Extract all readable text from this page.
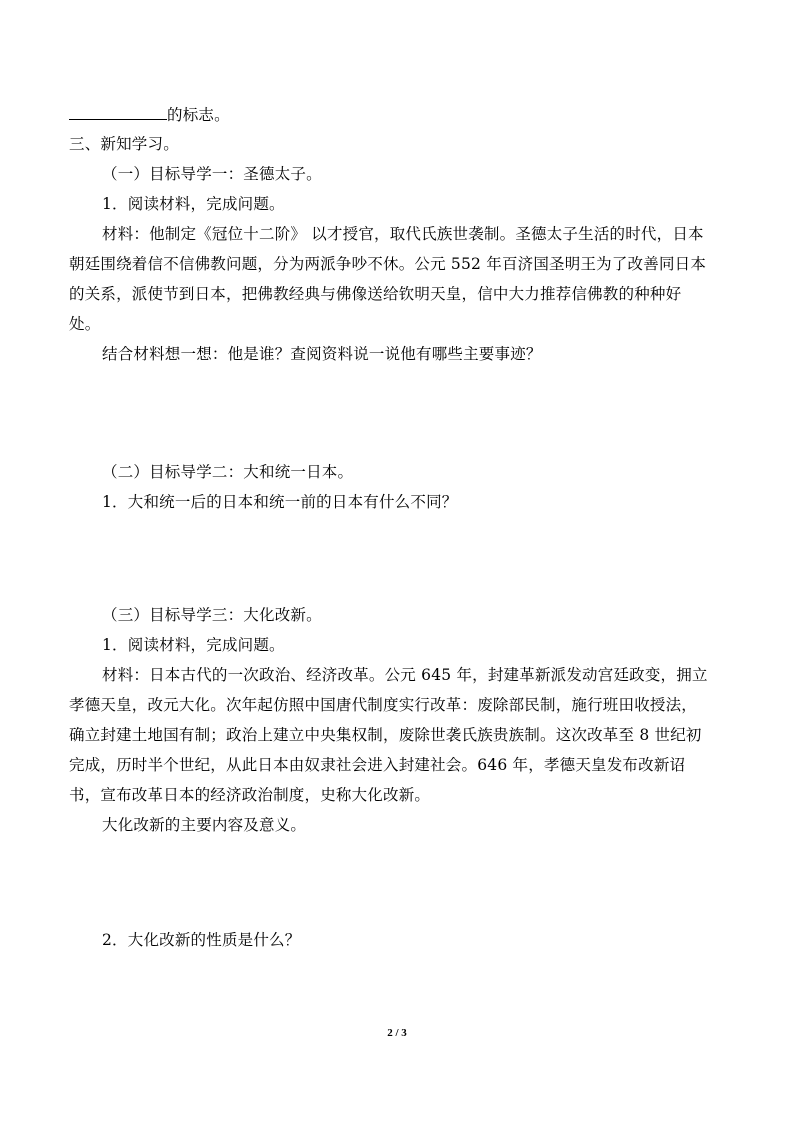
的标志。
三、新知学习。
（一）目标导学一：圣德太子。
1．阅读材料，完成问题。
材料：他制定《冠位十二阶》 以才授官，取代氏族世袭制。圣德太子生活的时代，日本
朝廷围绕着信不信佛教问题，分为两派争吵不休。公元 552 年百济国圣明王为了改善同日本
的关系，派使节到日本，把佛教经典与佛像送给钦明天皇，信中大力推荐信佛教的种种好
处。
结合材料想一想：他是谁？查阅资料说一说他有哪些主要事迹？
（二）目标导学二：大和统一日本。
1．大和统一后的日本和统一前的日本有什么不同？
（三）目标导学三：大化改新。
1．阅读材料，完成问题。
材料：日本古代的一次政治、经济改革。公元 645 年，封建革新派发动宫廷政变，拥立
孝德天皇，改元大化。次年起仿照中国唐代制度实行改革：废除部民制，施行班田收授法，
确立封建土地国有制；政治上建立中央集权制，废除世袭氏族贵族制。这次改革至 8 世纪初
完成，历时半个世纪，从此日本由奴隶社会进入封建社会。646 年，孝德天皇发布改新诏
书，宣布改革日本的经济政治制度，史称大化改新。
大化改新的主要内容及意义。
2．大化改新的性质是什么？
2 / 3
